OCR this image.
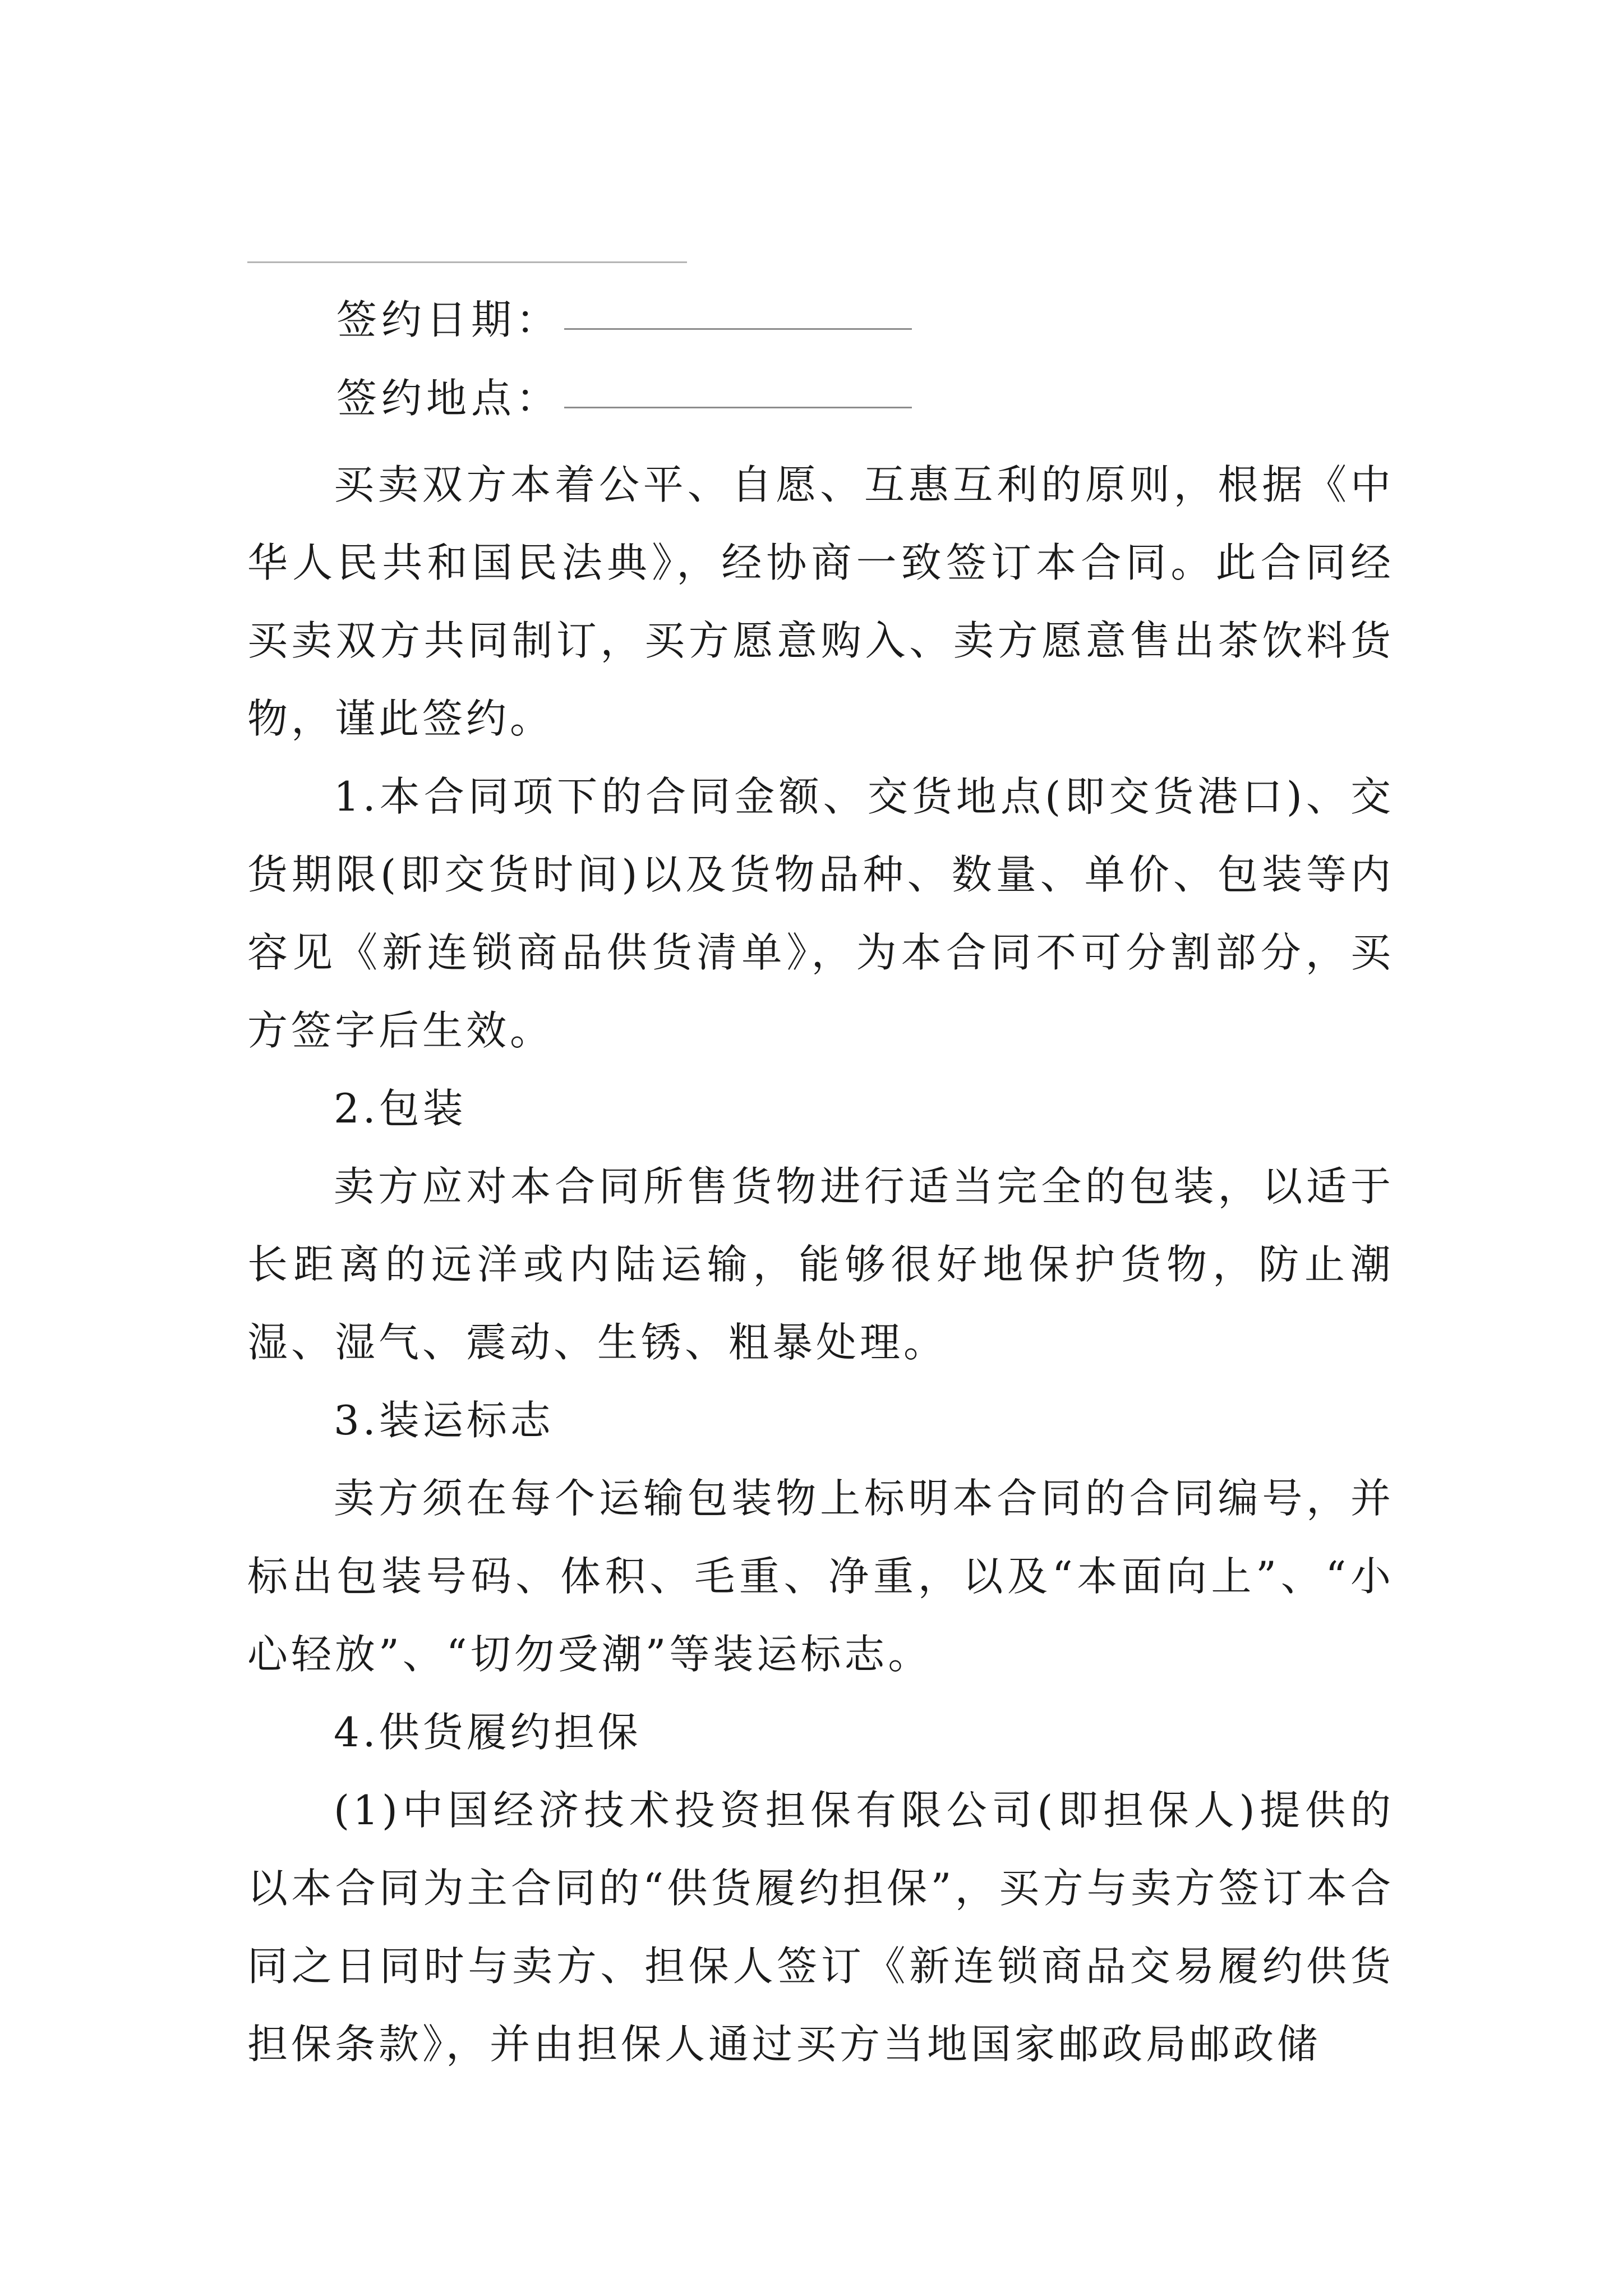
签约日期：
签约地点：

买卖双方本着公平、自愿、互惠互利的原则，根据《中华人民共和国民法典》，经协商一致签订本合同。此合同经买卖双方共同制订，买方愿意购入、卖方愿意售出茶饮料货物，谨此签约。

1.本合同项下的合同金额、交货地点(即交货港口)、交货期限(即交货时间)以及货物品种、数量、单价、包装等内容见《新连锁商品供货清单》，为本合同不可分割部分，买方签字后生效。

2.包装

卖方应对本合同所售货物进行适当完全的包装，以适于长距离的远洋或内陆运输，能够很好地保护货物，防止潮湿、湿气、震动、生锈、粗暴处理。

3.装运标志

卖方须在每个运输包装物上标明本合同的合同编号，并标出包装号码、体积、毛重、净重，以及“本面向上”、“小心轻放”、“切勿受潮”等装运标志。

4.供货履约担保

(1)中国经济技术投资担保有限公司(即担保人)提供的以本合同为主合同的“供货履约担保”，买方与卖方签订本合同之日同时与卖方、担保人签订《新连锁商品交易履约供货担保条款》，并由担保人通过买方当地国家邮政局邮政储
